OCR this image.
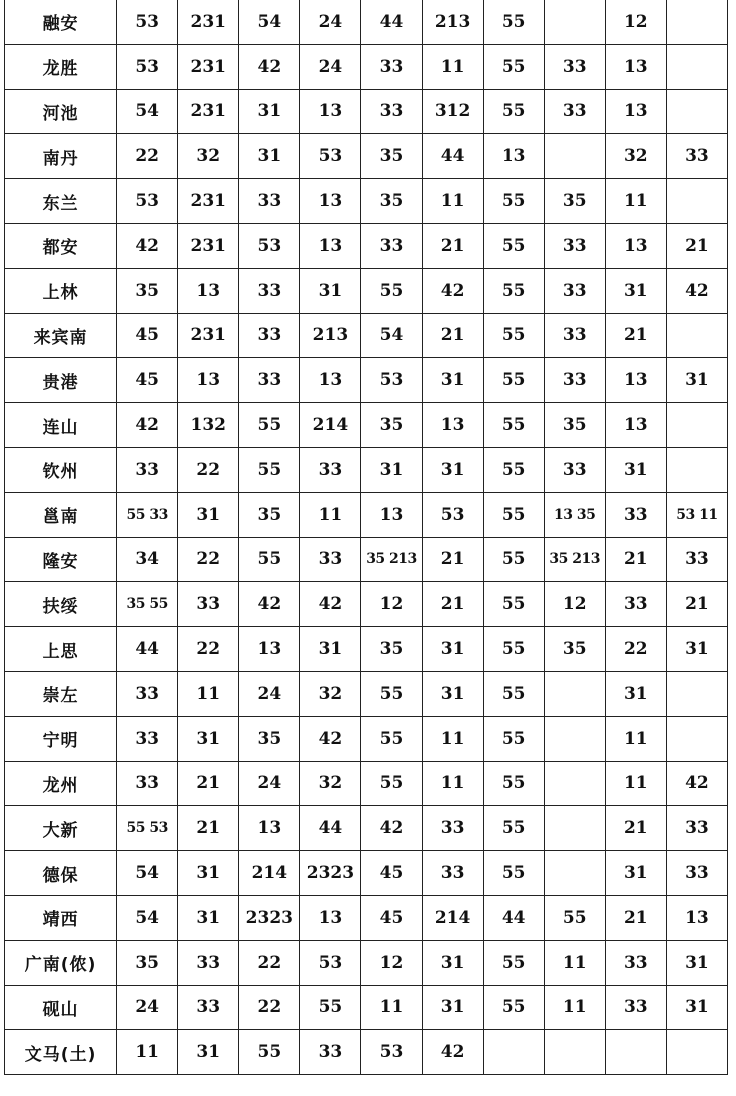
融安	53	231	54	24	44	213	55		12	
龙胜	53	231	42	24	33	11	55	33	13	
河池	54	231	31	13	33	312	55	33	13	
南丹	22	32	31	53	35	44	13		32	33
东兰	53	231	33	13	35	11	55	35	11	
都安	42	231	53	13	33	21	55	33	13	21
上林	35	13	33	31	55	42	55	33	31	42
来宾南	45	231	33	213	54	21	55	33	21	
贵港	45	13	33	13	53	31	55	33	13	31
连山	42	132	55	214	35	13	55	35	13	
钦州	33	22	55	33	31	31	55	33	31	
邕南	55 33	31	35	11	13	53	55	13 35	33	53 11
隆安	34	22	55	33	35 213	21	55	35 213	21	33
扶绥	35 55	33	42	42	12	21	55	12	33	21
上思	44	22	13	31	35	31	55	35	22	31
崇左	33	11	24	32	55	31	55		31	
宁明	33	31	35	42	55	11	55		11	
龙州	33	21	24	32	55	11	55		11	42
大新	55 53	21	13	44	42	33	55		21	33
德保	54	31	214	2323	45	33	55		31	33
靖西	54	31	2323	13	45	214	44	55	21	13
广南(侬)	35	33	22	53	12	31	55	11	33	31
砚山	24	33	22	55	11	31	55	11	33	31
文马(土)	11	31	55	33	53	42				
